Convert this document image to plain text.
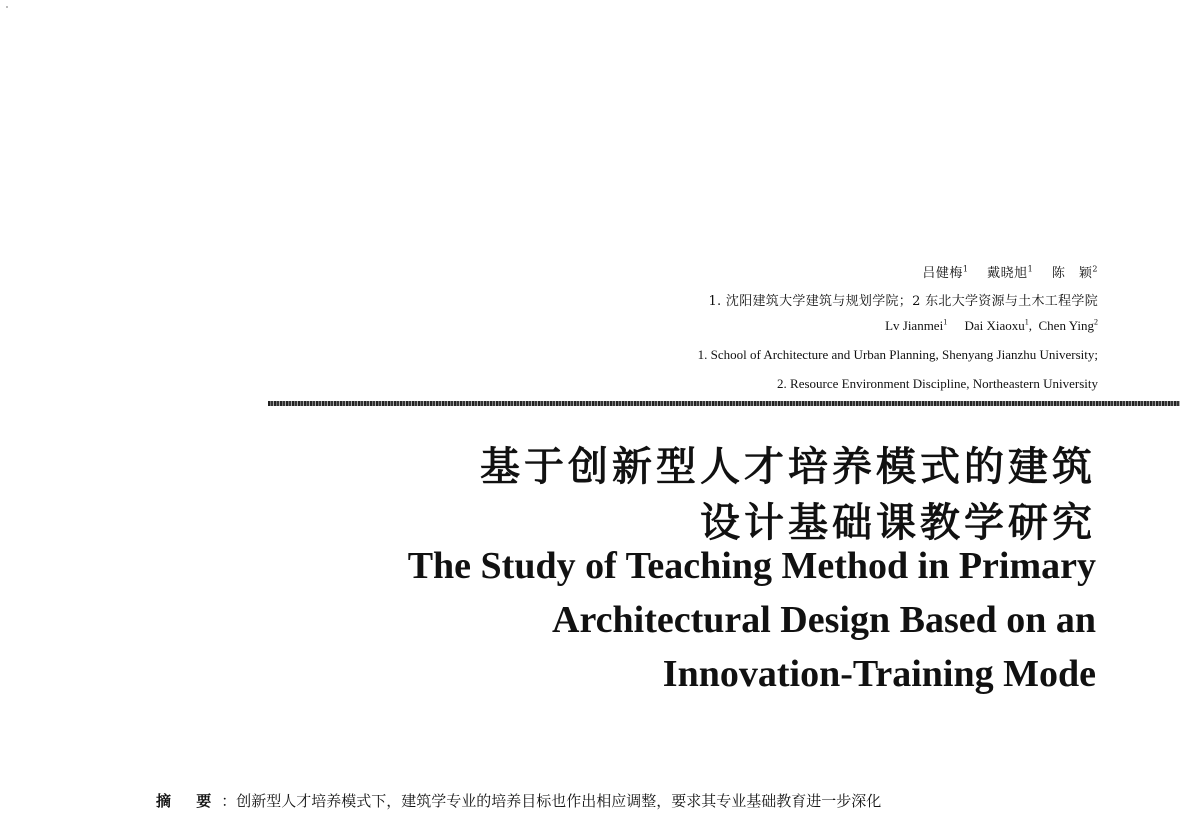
吕健梅$^1$ 戴晓旭$^1$ 陈　颖$^2$
1. 沈阳建筑大学建筑与规划学院；2 东北大学资源与土木工程学院
Lv Jianmei$^1$ Dai Xiaoxu$^1$,  Chen Ying$^2$
1. School of Architecture and Urban Planning, Shenyang Jianzhu University;
2. Resource Environment Discipline, Northeastern University
基于创新型人才培养模式的建筑
设计基础课教学研究
The Study of Teaching Method in Primary
Architectural Design Based on an
Innovation-Training Mode
摘 要：创新型人才培养模式下，建筑学专业的培养目标也作出相应调整，要求其专业基础教育进一步深化
